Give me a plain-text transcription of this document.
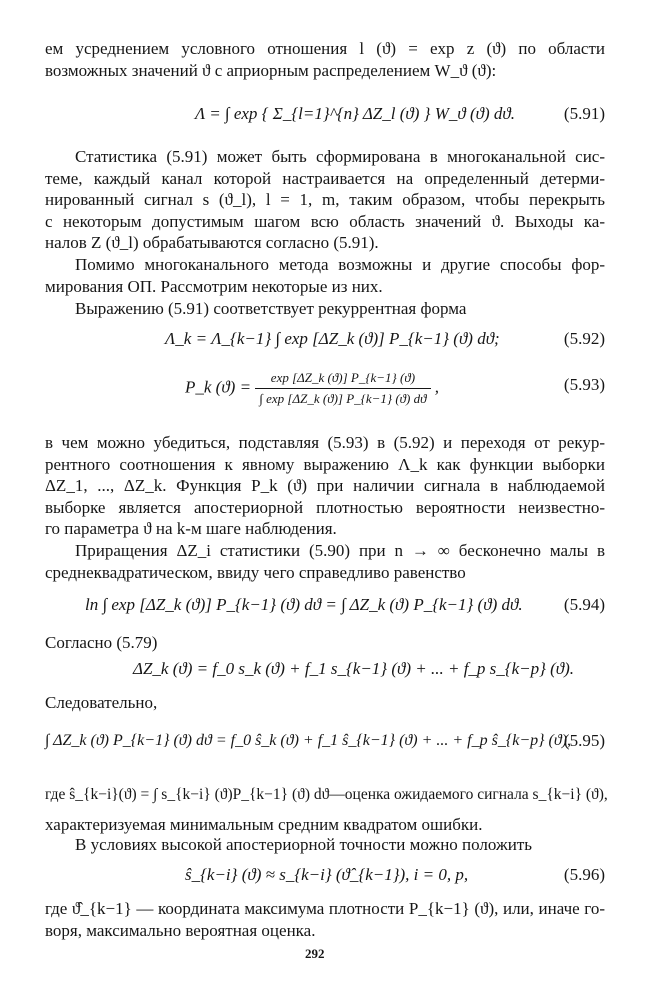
ем усреднением условного отношения l (ϑ) = exp z (ϑ) по области
возможных значений ϑ с априорным распределением W_ϑ (ϑ):
Λ = ∫ exp { Σ_{l=1}^{n} ΔZ_l (ϑ) } W_ϑ (ϑ) dϑ.	(5.91)
Статистика (5.91) может быть сформирована в многоканальной сис-
теме, каждый канал которой настраивается на определенный детерми-
нированный сигнал s (ϑ_l), l = 1, m, таким образом, чтобы перекрыть
с некоторым допустимым шагом всю область значений ϑ. Выходы ка-
налов Z (ϑ_l) обрабатываются согласно (5.91).
Помимо многоканального метода возможны и другие способы фор-
мирования ОП. Рассмотрим некоторые из них.
Выражению (5.91) соответствует рекуррентная форма
Λ_k = Λ_{k−1} ∫ exp [ΔZ_k (ϑ)] P_{k−1} (ϑ) dϑ;	(5.92)
P_k $(ϑ) = \frac{\exp [\Delta Z\_k (ϑ)] P\_\{k-1\} (ϑ)}{\int \exp [\Delta Z\_k (ϑ)] P\_\{k-1\} (ϑ) dϑ}$ ,	(5.93)
в чем можно убедиться, подставляя (5.93) в (5.92) и переходя от рекур-
рентного соотношения к явному выражению Λ_k как функции выборки
ΔZ_1, ..., ΔZ_k. Функция P_k (ϑ) при наличии сигнала в наблюдаемой
выборке является апостериорной плотностью вероятности неизвестно-
го параметра ϑ на k-м шаге наблюдения.
Приращения ΔZ_i статистики (5.90) при n → ∞ бесконечно малы в
среднеквадратическом, ввиду чего справедливо равенство
ln ∫ exp [ΔZ_k (ϑ)] P_{k−1} (ϑ) dϑ = ∫ ΔZ_k (ϑ) P_{k−1} (ϑ) dϑ. (5.94)
Согласно (5.79)
ΔZ_k (ϑ) = f_0 s_k (ϑ) + f_1 s_{k−1} (ϑ) + ... + f_p s_{k−p} (ϑ).
Следовательно,
∫ ΔZ_k (ϑ) P_{k−1} (ϑ) dϑ = f_0 ŝ_k (ϑ) + f_1 ŝ_{k−1} (ϑ) + ... + f_p ŝ_{k−p} (ϑ),
(5.95)
где ŝ_{k−i}(ϑ) = ∫ s_{k−i} (ϑ)P_{k−1} (ϑ) dϑ—оценка ожидаемого сигнала s_{k−i} (ϑ),
характеризуемая минимальным средним квадратом ошибки.
В условиях высокой апостериорной точности можно положить
ŝ_{k−i} (ϑ) ≈ s_{k−i} (ϑ̂_{k−1}), i = 0, p,	(5.96)
где ϑ̂_{k−1} — координата максимума плотности P_{k−1} (ϑ), или, иначе го-
воря, максимально вероятная оценка.
292
